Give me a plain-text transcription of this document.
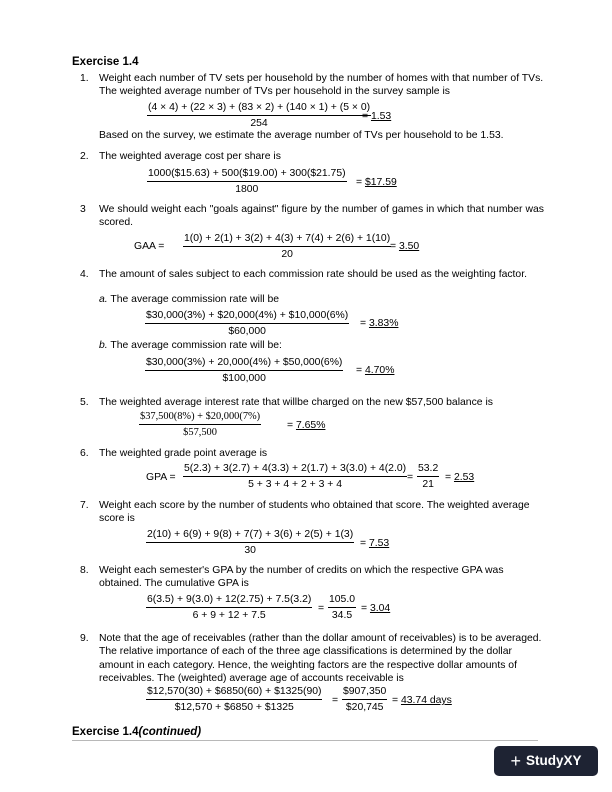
Exercise 1.4
1. Weight each number of TV sets per household by the number of homes with that number of TVs. The weighted average number of TVs per household in the survey sample is
$\frac{(4 \times 4) + (22 \times 3) + (83 \times 2) + (140 \times 1) + (5 \times 0)}{254}$
= 1.53
Based on the survey, we estimate the average number of TVs per household to be 1.53.
2. The weighted average cost per share is
$\frac{1000(\$15.63) + 500(\$19.00) + 300(\$21.75)}{1800}$ = $17.59
3 We should weight each "goals against" figure by the number of games in which that number was scored.
GAA = $\frac{1(0) + 2(1) + 3(2) + 4(3) + 7(4) + 2(6) + 1(10)}{20}$
= 3.50
4. The amount of sales subject to each commission rate should be used as the weighting factor.
a. The average commission rate will be
$\frac{\$30,000(3\%) + \$20,000(4\%) + \$10,000(6\%)}{\$60,000} = 3.83\%$
b. The average commission rate will be:
$\frac{\$30,000(3\%) + 20,000(4\%) + \$50,000(6\%)}{\$100,000} = 4.70\%$
5. The weighted average interest rate that willbe charged on the new $57,500 balance is
$\frac{\$37,500(8\%) + \$20,000(7\%)}{\$57,500} = 7.65\%$
6. The weighted grade point average is
GPA = $\frac{5(2.3) + 3(2.7) + 4(3.3) + 2(1.7) + 3(3.0) + 4(2.0)}{5 + 3 + 4 + 2 + 3 + 4} = \frac{53.2}{21} = 2.53$
7. Weight each score by the number of students who obtained that score. The weighted average score is
$\frac{2(10) + 6(9) + 9(8) + 7(7) + 3(6) + 2(5) + 1(3)}{30} = 7.53$
8. Weight each semester's GPA by the number of credits on which the respective GPA was obtained. The cumulative GPA is
$\frac{6(3.5) + 9(3.0) + 12(2.75) + 7.5(3.2)}{6 + 9 + 12 + 7.5} = \frac{105.0}{34.5} = 3.04$
9. Note that the age of receivables (rather than the dollar amount of receivables) is to be averaged. The relative importance of each of the three age classifications is determined by the dollar amount in each category. Hence, the weighting factors are the respective dollar amounts of receivables. The (weighted) average age of accounts receivable is
$\frac{\$12,570(30) + \$6850(60) + \$1325(90)}{\$12,570 + \$6850 + \$1325} = \frac{\$907,350}{\$20,745} = 43.74$ days
Exercise 1.4(continued)
+ StudyXY
